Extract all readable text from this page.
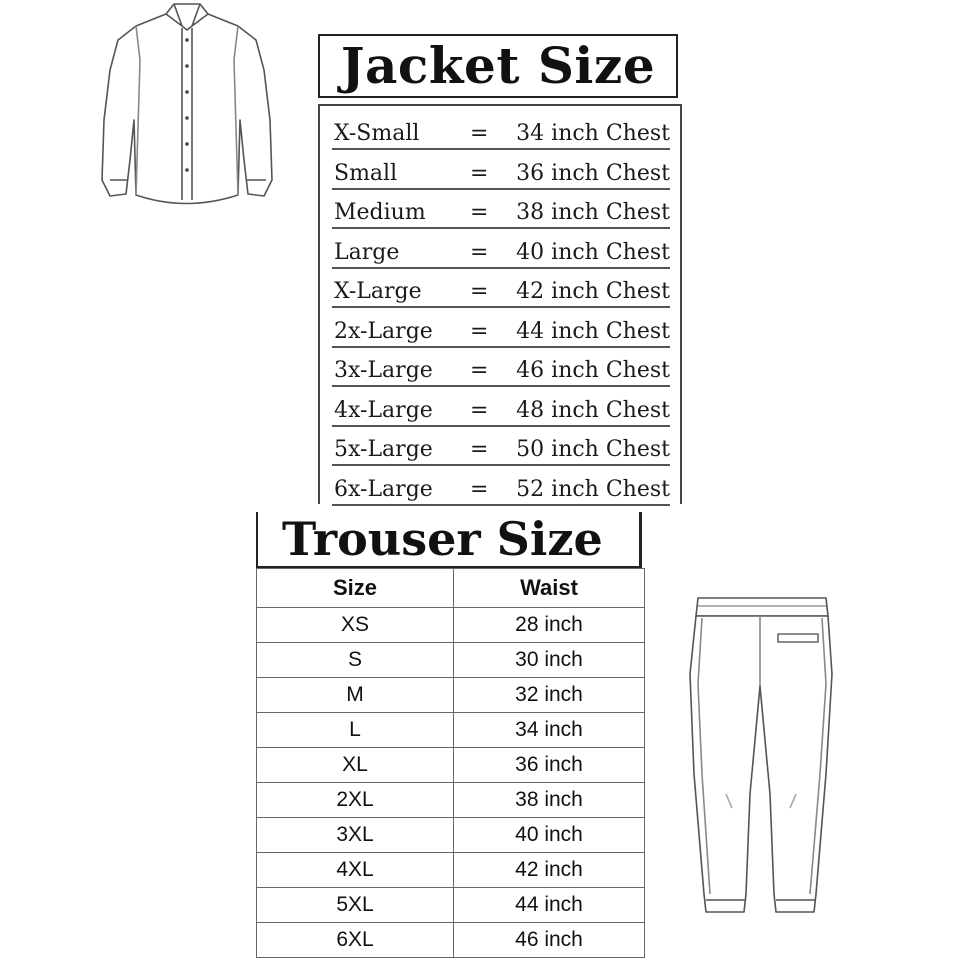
Jacket Size
X-Small = 34 inch Chest
Small	= 36 inch Chest
Medium = 38 inch Chest
Large	= 40 inch Chest
X-Large = 42 inch Chest
2x-Large = 44 inch Chest
3x-Large = 46 inch Chest
4x-Large = 48 inch Chest
5x-Large = 50 inch Chest
6x-Large = 52 inch Chest
Trouser Size
Size	Waist
XS	28 inch
S	30 inch
M	32 inch
L	34 inch
XL	36 inch
2XL	38 inch
3XL	40 inch
4XL	42 inch
5XL	44 inch
6XL	46 inch
